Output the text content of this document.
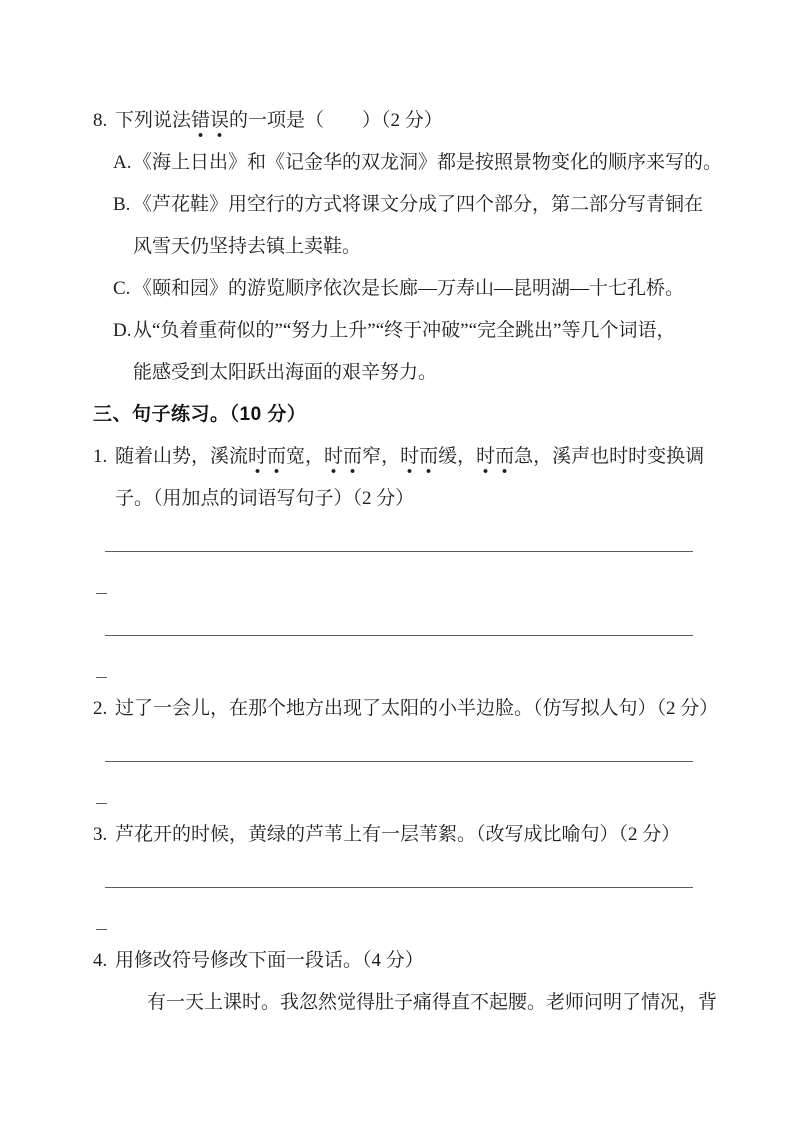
8. 下列说法错误的一项是（　　）（2 分）
A. 《海上日出》和《记金华的双龙洞》都是按照景物变化的顺序来写的。
B. 《芦花鞋》用空行的方式将课文分成了四个部分，第二部分写青铜在
风雪天仍坚持去镇上卖鞋。
C. 《颐和园》的游览顺序依次是长廊—万寿山—昆明湖—十七孔桥。
D. 从“负着重荷似的”“努力上升”“终于冲破”“完全跳出”等几个词语，
能感受到太阳跃出海面的艰辛努力。
三、句子练习。（10 分）
1. 随着山势，溪流时而宽，时而窄，时而缓，时而急，溪声也时时变换调
子。（用加点的词语写句子）（2 分）
2. 过了一会儿，在那个地方出现了太阳的小半边脸。（仿写拟人句）（2 分）
3. 芦花开的时候，黄绿的芦苇上有一层苇絮。（改写成比喻句）（2 分）
4. 用修改符号修改下面一段话。（4 分）
有一天上课时。我忽然觉得肚子痛得直不起腰。老师问明了情况，背
